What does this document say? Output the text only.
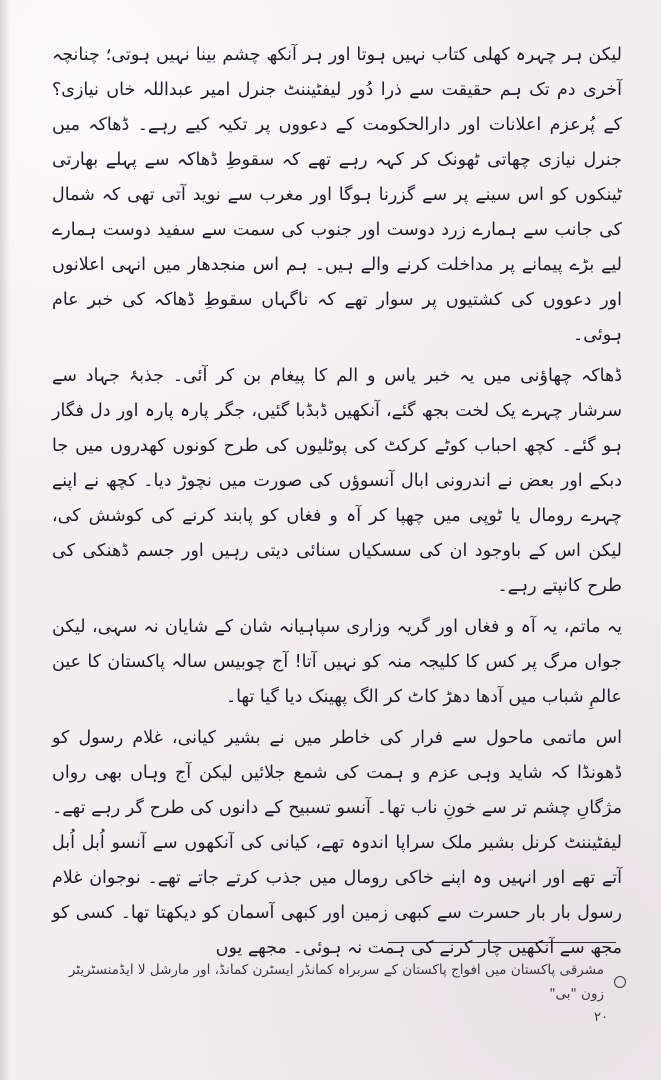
لیکن ہر چہرہ کھلی کتاب نہیں ہوتا اور ہر آنکھ چشم بینا نہیں ہوتی؛ چنانچہ آخری دم تک ہم حقیقت سے ذرا دُور لیفٹیننٹ جنرل امیر عبداللہ خاں نیازی؟ کے پُرعزم اعلانات اور دارالحکومت کے دعووں پر تکیہ کیے رہے۔ ڈھاکہ میں جنرل نیازی چھاتی ٹھونک کر کہہ رہے تھے کہ سقوطِ ڈھاکہ سے پہلے بھارتی ٹینکوں کو اس سینے پر سے گزرنا ہوگا اور مغرب سے نوید آتی تھی کہ شمال کی جانب سے ہمارے زرد دوست اور جنوب کی سمت سے سفید دوست ہمارے لیے بڑے پیمانے پر مداخلت کرنے والے ہیں۔ ہم اس منجدھار میں انہی اعلانوں اور دعووں کی کشتیوں پر سوار تھے کہ ناگہاں سقوطِ ڈھاکہ کی خبر عام ہوئی۔

ڈھاکہ چھاؤنی میں یہ خبر یاس و الم کا پیغام بن کر آئی۔ جذبۂ جہاد سے سرشار چہرے یک لخت بجھ گئے، آنکھیں ڈبڈبا گئیں، جگر پارہ پارہ اور دل فگار ہو گئے۔ کچھ احباب کوٹے کرکٹ کی پوٹلیوں کی طرح کونوں کھدروں میں جا دبکے اور بعض نے اندرونی ابال آنسوؤں کی صورت میں نچوڑ دیا۔ کچھ نے اپنے چہرے رومال یا ٹوپی میں چھپا کر آہ و فغاں کو پابند کرنے کی کوشش کی، لیکن اس کے باوجود ان کی سسکیاں سنائی دیتی رہیں اور جسم ڈھنکی کی طرح کانپتے رہے۔

یہ ماتم، یہ آہ و فغاں اور گریہ وزاری سپاہیانہ شان کے شایان نہ سہی، لیکن جواں مرگ پر کس کا کلیجہ منہ کو نہیں آتا! آج چوبیس سالہ پاکستان کا عین عالمِ شباب میں آدھا دھڑ کاٹ کر الگ پھینک دیا گیا تھا۔

اس ماتمی ماحول سے فرار کی خاطر میں نے بشیر کیانی، غلام رسول کو ڈھونڈا کہ شاید وہی عزم و ہمت کی شمع جلائیں لیکن آج وہاں بھی رواں مژگاںِ چشم تر سے خونِ ناب تھا۔ آنسو تسبیح کے دانوں کی طرح گر رہے تھے۔ لیفٹیننٹ کرنل بشیر ملک سراپا اندوہ تھے، کیانی کی آنکھوں سے آنسو اُبل اُبل آتے تھے اور انہیں وہ اپنے خاکی رومال میں جذب کرتے جاتے تھے۔ نوجوان غلام رسول بار بار حسرت سے کبھی زمین اور کبھی آسمان کو دیکھتا تھا۔ کسی کو مجھ سے آنکھیں چار کرنے کی ہمت نہ ہوئی۔ مجھے یوں

مشرقی پاکستان میں افواج پاکستان کے سربراہ کمانڈر ایسٹرن کمانڈ، اور مارشل لا ایڈمنسٹریٹر زون "بی"
۲۰
